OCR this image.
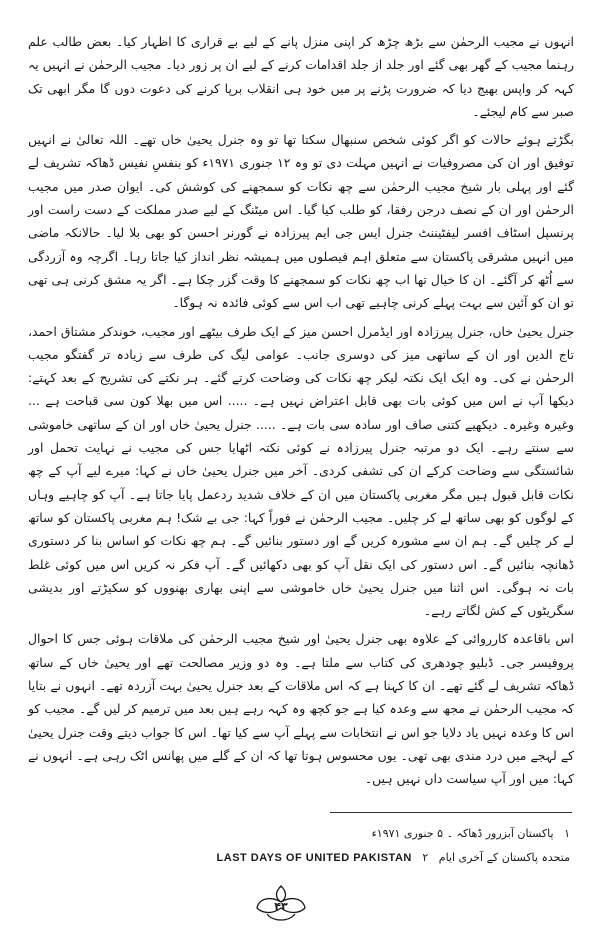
انہوں نے مجیب الرحمٰن سے بڑھ چڑھ کر اپنی منزل پانے کے لیے بے قراری کا اظہار کیا۔ بعض طالب علم رہنما مجیب کے گھر بھی گئے اور جلد از جلد اقدامات کرنے کے لیے ان پر زور دیا۔ مجیب الرحمٰن نے انہیں یہ کہہ کر واپس بھیج دیا کہ ضرورت پڑنے پر میں خود ہی انقلاب برپا کرنے کی دعوت دوں گا مگر ابھی تک صبر سے کام لیجئے۔

بگڑتے ہوئے حالات کو اگر کوئی شخص سنبھال سکتا تھا تو وہ جنرل یحییٰ خاں تھے۔ اللہ تعالیٰ نے انہیں توفیق اور ان کی مصروفیات نے انہیں مہلت دی تو وہ ۱۲ جنوری ۱۹۷۱ء کو بنفسِ نفیس ڈھاکہ تشریف لے گئے اور پہلی بار شیخ مجیب الرحمٰن سے چھ نکات کو سمجھنے کی کوشش کی۔ ایوان صدر میں مجیب الرحمٰن اور ان کے نصف درجن رفقا، کو طلب کیا گیا۔ اس میٹنگ کے لیے صدر مملکت کے دست راست اور پرنسپل اسٹاف افسر لیفٹیننٹ جنرل ایس جی ایم پیرزادہ نے گورنر احسن کو بھی بلا لیا۔ حالانکہ ماضی میں انہیں مشرقی پاکستان سے متعلق اہم فیصلوں میں ہمیشہ نظر انداز کیا جاتا رہا۔ اگرچہ وہ آزردگی سے اُٹھ کر آگئے۔ ان کا خیال تھا اب چھ نکات کو سمجھنے کا وقت گزر چکا ہے۔ اگر یہ مشق کرنی ہی تھی تو ان کو آئین سے بہت پہلے کرنی چاہیے تھی اب اس سے کوئی فائدہ نہ ہوگا۔

جنرل یحییٰ خاں، جنرل پیرزادہ اور ایڈمرل احسن میز کے ایک طرف بیٹھے اور مجیب، خوندکر مشتاق احمد، تاج الدین اور ان کے ساتھی میز کی دوسری جانب۔ عوامی لیگ کی طرف سے زیادہ تر گفتگو مجیب الرحمٰن نے کی۔ وہ ایک ایک نکتہ لیکر چھ نکات کی وضاحت کرتے گئے۔ ہر نکتے کی تشریح کے بعد کہتے: دیکھا آپ نے اس میں کوئی بات بھی قابل اعتراض نہیں ہے۔ ..... اس میں بھلا کون سی قباحت ہے ... وغیرہ وغیرہ۔ دیکھیے کتنی صاف اور سادہ سی بات ہے۔ ..... جنرل یحییٰ خاں اور ان کے ساتھی خاموشی سے سنتے رہے۔ ایک دو مرتبہ جنرل پیرزادہ نے کوئی نکتہ اٹھایا جس کی مجیب نے نہایت تحمل اور شائستگی سے وضاحت کرکے ان کی تشفی کردی۔ آخر میں جنرل یحییٰ خاں نے کہا: میرے لیے آپ کے چھ نکات قابل قبول ہیں مگر مغربی پاکستان میں ان کے خلاف شدید ردعمل پایا جاتا ہے۔ آپ کو چاہیے وہاں کے لوگوں کو بھی ساتھ لے کر چلیں۔ مجیب الرحمٰن نے فوراً کہا: جی بے شک! ہم مغربی پاکستان کو ساتھ لے کر چلیں گے۔ ہم ان سے مشورہ کریں گے اور دستور بنائیں گے۔ ہم چھ نکات کو اساس بنا کر دستوری ڈھانچہ بنائیں گے۔ اس دستور کی ایک نقل آپ کو بھی دکھائیں گے۔ آپ فکر نہ کریں اس میں کوئی غلط بات نہ ہوگی۔ اس اثنا میں جنرل یحییٰ خاں خاموشی سے اپنی بھاری بھنووں کو سکیڑتے اور بدیشی سگریٹوں کے کش لگاتے رہے۔

اس باقاعدہ کارروائی کے علاوہ بھی جنرل یحییٰ اور شیخ مجیب الرحمٰن کی ملاقات ہوئی جس کا احوال پروفیسر جی۔ ڈبلیو چودھری کی کتاب سے ملتا ہے۔ وہ دو وزیر مصالحت تھے اور یحییٰ خاں کے ساتھ ڈھاکہ تشریف لے گئے تھے۔ ان کا کہنا ہے کہ اس ملاقات کے بعد جنرل یحییٰ بہت آزردہ تھے۔ انہوں نے بتایا کہ مجیب الرحمٰن نے مجھ سے وعدہ کیا ہے جو کچھ وہ کہہ رہے ہیں بعد میں ترمیم کر لیں گے۔ مجیب کو اس کا وعدہ نہیں یاد دلایا جو اس نے انتخابات سے پہلے آپ سے کیا تھا۔ اس کا جواب دیتے وقت جنرل یحییٰ کے لہجے میں درد مندی بھی تھی۔ یوں محسوس ہوتا تھا کہ ان کے گلے میں پھانس اٹک رہی ہے۔ انہوں نے کہا: میں اور آپ سیاست داں نہیں ہیں۔

۱   پاکستان آبزرور ڈھاکہ ۔ ۵ جنوری ۱۹۷۱ء
متحدہ پاکستان کے آخری ایام   LAST DAYS OF UNITED PAKISTAN ۲
۴۳
